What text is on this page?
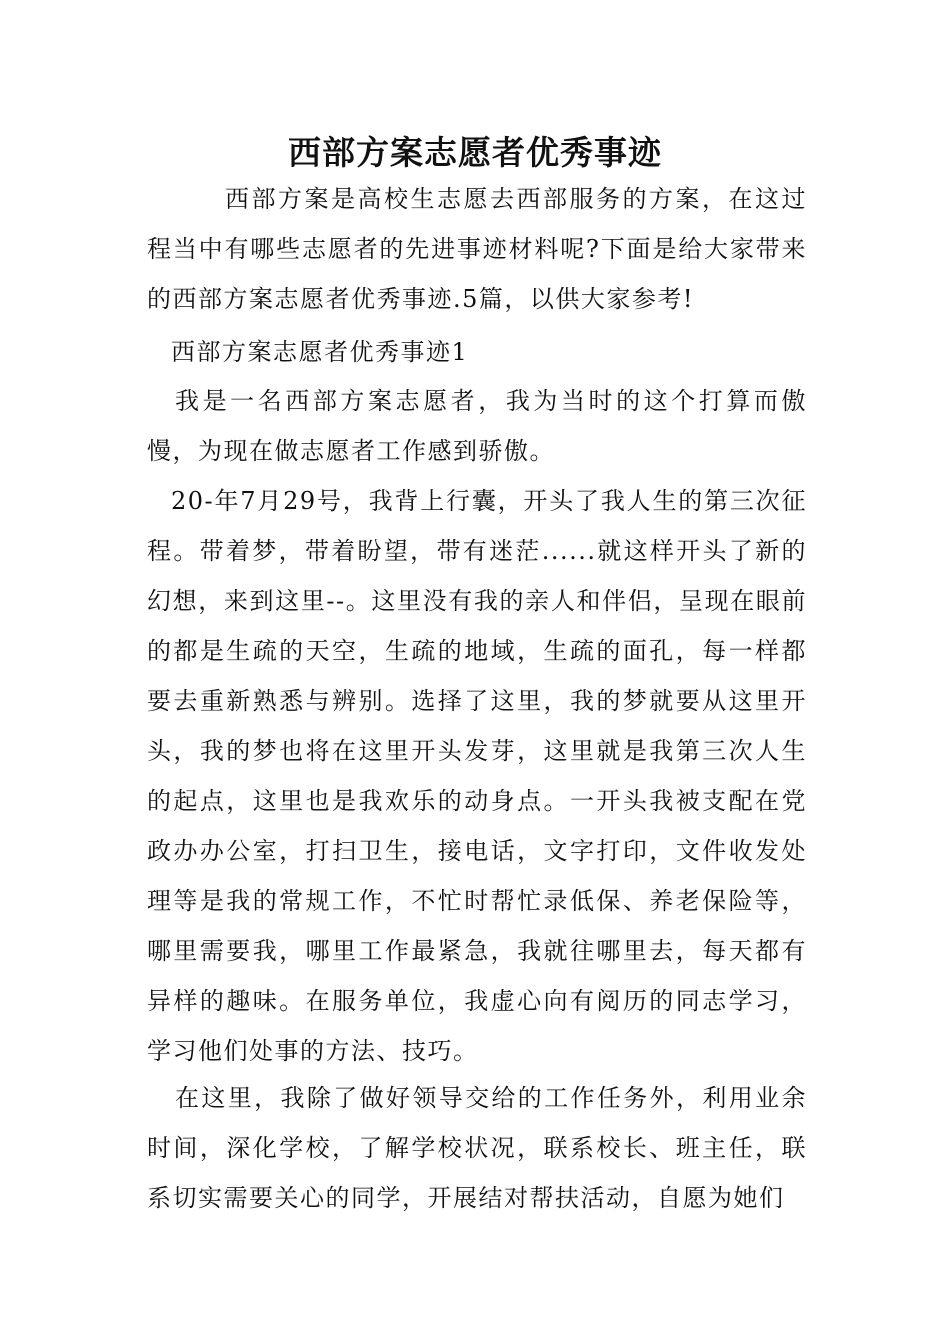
西部方案志愿者优秀事迹

西部方案是高校生志愿去西部服务的方案，在这过程当中有哪些志愿者的先进事迹材料呢?下面是给大家带来的西部方案志愿者优秀事迹.5篇，以供大家参考!

西部方案志愿者优秀事迹1

我是一名西部方案志愿者，我为当时的这个打算而傲慢，为现在做志愿者工作感到骄傲。

20-年7月29号，我背上行囊，开头了我人生的第三次征程。带着梦，带着盼望，带有迷茫......就这样开头了新的幻想，来到这里--。这里没有我的亲人和伴侣，呈现在眼前的都是生疏的天空，生疏的地域，生疏的面孔，每一样都要去重新熟悉与辨别。选择了这里，我的梦就要从这里开头，我的梦也将在这里开头发芽，这里就是我第三次人生的起点，这里也是我欢乐的动身点。一开头我被支配在党政办办公室，打扫卫生，接电话，文字打印，文件收发处理等是我的常规工作，不忙时帮忙录低保、养老保险等，哪里需要我，哪里工作最紧急，我就往哪里去，每天都有异样的趣味。在服务单位，我虚心向有阅历的同志学习，学习他们处事的方法、技巧。

在这里，我除了做好领导交给的工作任务外，利用业余时间，深化学校，了解学校状况，联系校长、班主任，联系切实需要关心的同学，开展结对帮扶活动，自愿为她们
